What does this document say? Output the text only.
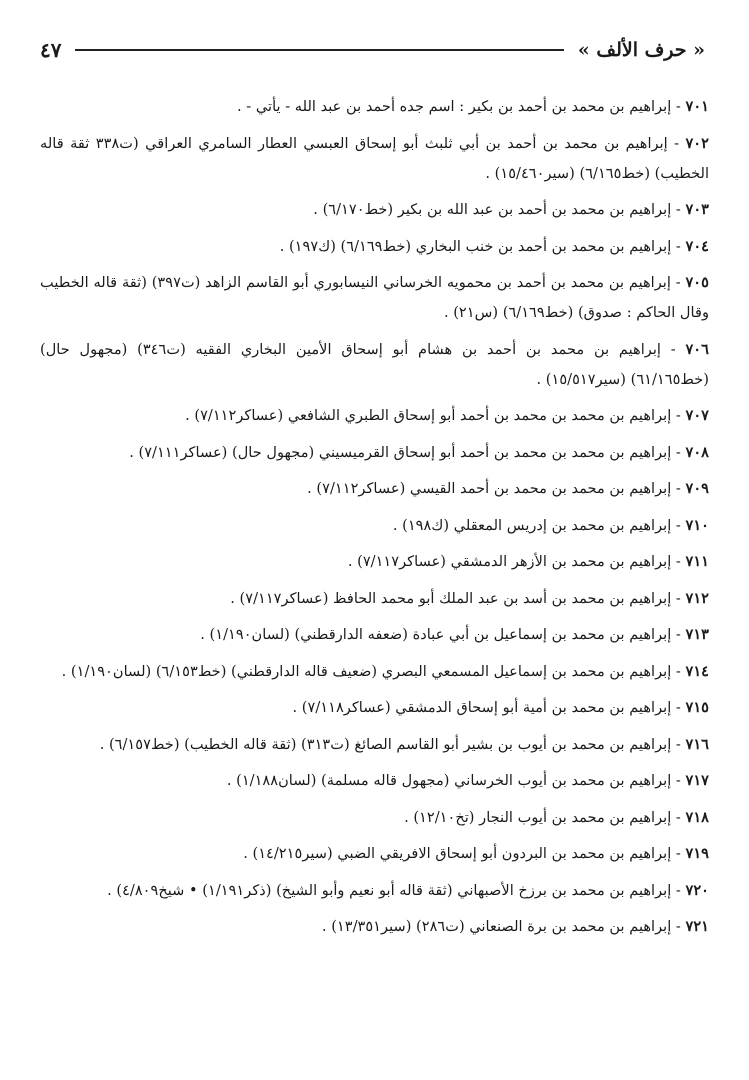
« حرف الألف »
٤٧
٧٠١ - إبراهيم بن محمد بن أحمد بن بكير : اسم جده أحمد بن عبد الله - يأتي - .
٧٠٢ - إبراهيم بن محمد بن أحمد بن أبي ثلبث أبو إسحاق العبسي العطار السامري العراقي (ت٣٣٨ ثقة قاله الخطيب) (خط٦/١٦٥) (سير١٥/٤٦٠) .
٧٠٣ - إبراهيم بن محمد بن أحمد بن عبد الله بن بكير (خط٦/١٧٠) .
٧٠٤ - إبراهيم بن محمد بن أحمد بن خنب البخاري (خط٦/١٦٩) (ك١٩٧) .
٧٠٥ - إبراهيم بن محمد بن أحمد بن محمويه الخرساني النيسابوري أبو القاسم الزاهد (ت٣٩٧) (ثقة قاله الخطيب وقال الحاكم : صدوق) (خط٦/١٦٩) (س٢١) .
٧٠٦ - إبراهيم بن محمد بن أحمد بن هشام أبو إسحاق الأمين البخاري الفقيه (ت٣٤٦) (مجهول حال) (خط٦١/١٦٥) (سير١٥/٥١٧) .
٧٠٧ - إبراهيم بن محمد بن محمد بن أحمد أبو إسحاق الطبري الشافعي (عساكر٧/١١٢) .
٧٠٨ - إبراهيم بن محمد بن محمد بن أحمد أبو إسحاق القرميسيني (مجهول حال) (عساكر٧/١١١) .
٧٠٩ - إبراهيم بن محمد بن محمد بن أحمد القيسي (عساكر٧/١١٢) .
٧١٠ - إبراهيم بن محمد بن إدريس المعقلي (ك١٩٨) .
٧١١ - إبراهيم بن محمد بن الأزهر الدمشقي (عساكر٧/١١٧) .
٧١٢ - إبراهيم بن محمد بن أسد بن عبد الملك أبو محمد الحافظ (عساكر٧/١١٧) .
٧١٣ - إبراهيم بن محمد بن إسماعيل بن أبي عبادة (ضعفه الدارقطني) (لسان١/١٩٠) .
٧١٤ - إبراهيم بن محمد بن إسماعيل المسمعي البصري (ضعيف قاله الدارقطني) (خط٦/١٥٣) (لسان١/١٩٠) .
٧١٥ - إبراهيم بن محمد بن أمية أبو إسحاق الدمشقي (عساكر٧/١١٨) .
٧١٦ - إبراهيم بن محمد بن أيوب بن بشير أبو القاسم الصائغ (ت٣١٣) (ثقة قاله الخطيب) (خط٦/١٥٧) .
٧١٧ - إبراهيم بن محمد بن أيوب الخرساني (مجهول قاله مسلمة) (لسان١/١٨٨) .
٧١٨ - إبراهيم بن محمد بن أيوب النجار (تخ١٢/١٠) .
٧١٩ - إبراهيم بن محمد بن البردون أبو إسحاق الافريقي الضبي (سير١٤/٢١٥) .
٧٢٠ - إبراهيم بن محمد بن برزخ الأصبهاني (ثقة قاله أبو نعيم وأبو الشيخ) (ذكر١/١٩١) • شيخ٤/٨٠٩) .
٧٢١ - إبراهيم بن محمد بن برة الصنعاني (ت٢٨٦) (سير١٣/٣٥١) .
